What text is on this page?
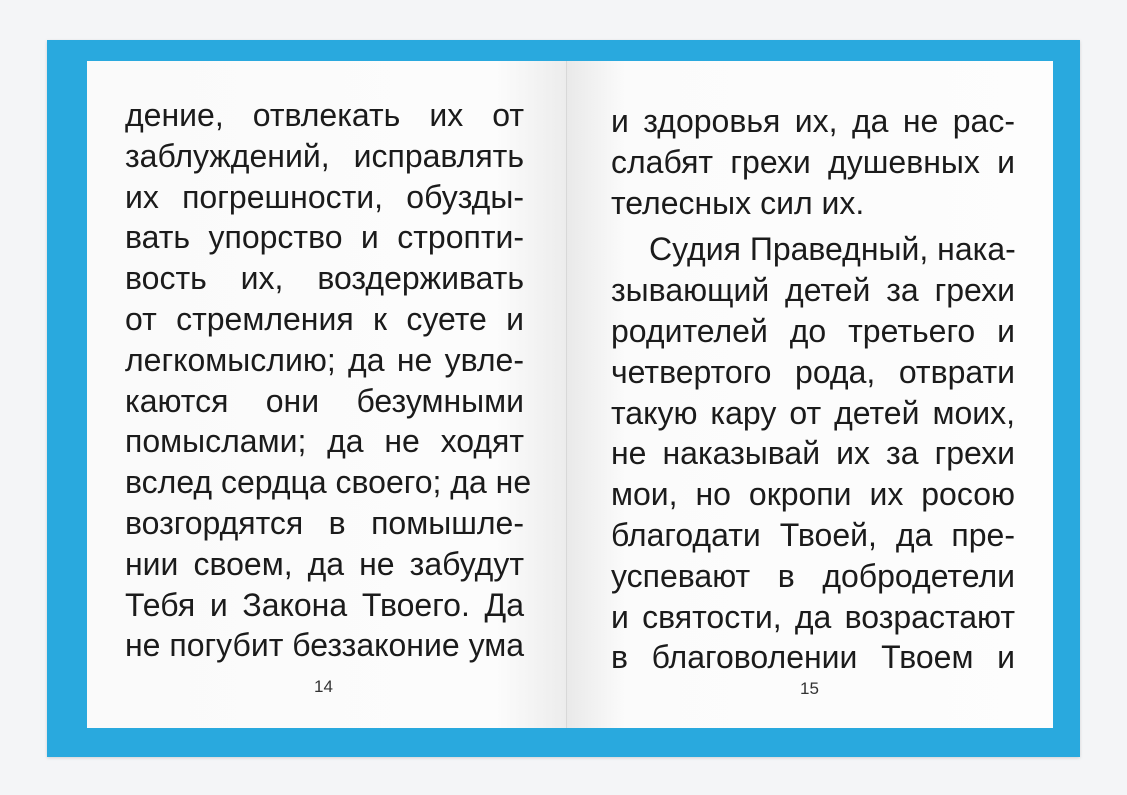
дение, отвлекать их от
заблуждений, исправлять
их погрешности, обузды-
вать упорство и стропти-
вость их, воздерживать
от стремления к суете и
легкомыслию; да не увле-
каются они безумными
помыслами; да не ходят
вслед сердца своего; да не
возгордятся в помышле-
нии своем, да не забудут
Тебя и Закона Твоего. Да
не погубит беззаконие ума
14
и здоровья их, да не рас-
слабят грехи душевных и
телесных сил их.
Судия Праведный, нака-
зывающий детей за грехи
родителей до третьего и
четвертого рода, отврати
такую кару от детей моих,
не наказывай их за грехи
мои, но окропи их росою
благодати Твоей, да пре-
успевают в добродетели
и святости, да возрастают
в благоволении Твоем и
15
